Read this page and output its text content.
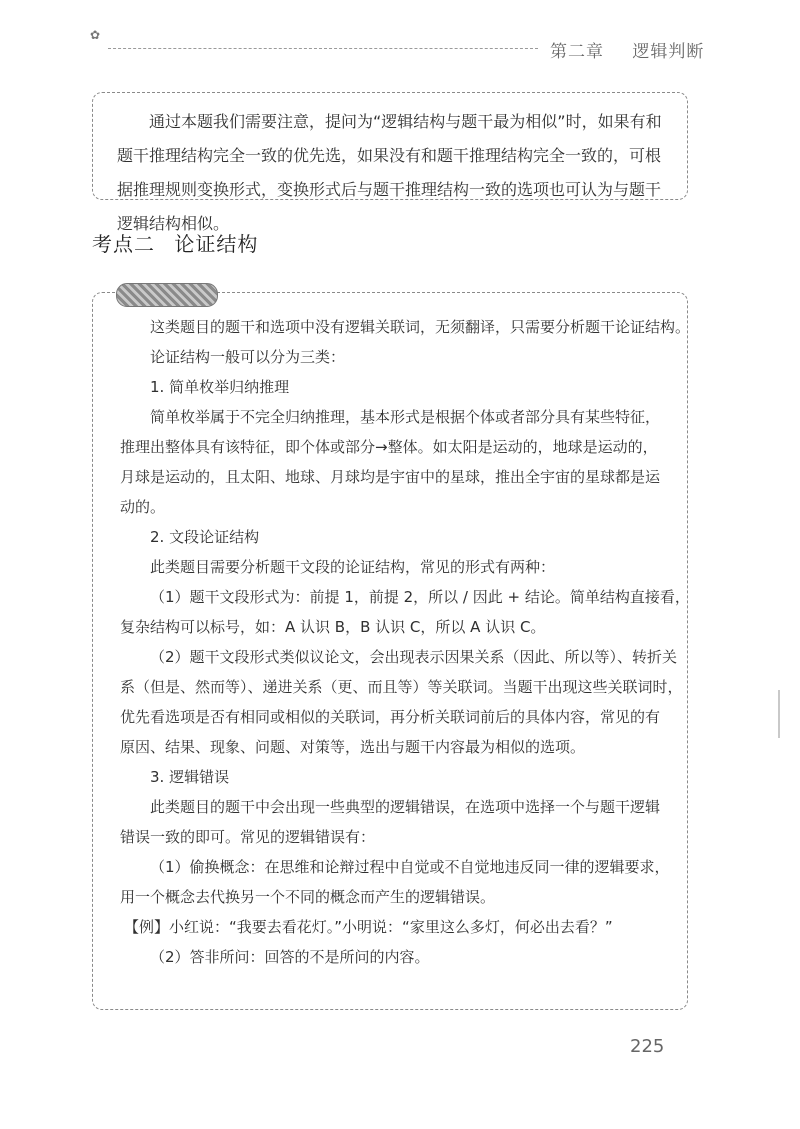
✿
第二章 逻辑判断

通过本题我们需要注意，提问为“逻辑结构与题干最为相似”时，如果有和题干推理结构完全一致的优先选，如果没有和题干推理结构完全一致的，可根据推理规则变换形式，变换形式后与题干推理结构一致的选项也可认为与题干逻辑结构相似。

考点二 论证结构

这类题目的题干和选项中没有逻辑关联词，无须翻译，只需要分析题干论证结构。

论证结构一般可以分为三类：

1. 简单枚举归纳推理

简单枚举属于不完全归纳推理，基本形式是根据个体或者部分具有某些特征，

推理出整体具有该特征，即个体或部分→整体。如太阳是运动的，地球是运动的，

月球是运动的，且太阳、地球、月球均是宇宙中的星球，推出全宇宙的星球都是运

动的。

2. 文段论证结构

此类题目需要分析题干文段的论证结构，常见的形式有两种：

（1）题干文段形式为：前提 1，前提 2，所以 / 因此 + 结论。简单结构直接看，

复杂结构可以标号，如：A 认识 B，B 认识 C，所以 A 认识 C。

（2）题干文段形式类似议论文，会出现表示因果关系（因此、所以等）、转折关

系（但是、然而等）、递进关系（更、而且等）等关联词。当题干出现这些关联词时，

优先看选项是否有相同或相似的关联词，再分析关联词前后的具体内容，常见的有

原因、结果、现象、问题、对策等，选出与题干内容最为相似的选项。

3. 逻辑错误

此类题目的题干中会出现一些典型的逻辑错误，在选项中选择一个与题干逻辑

错误一致的即可。常见的逻辑错误有：

（1）偷换概念：在思维和论辩过程中自觉或不自觉地违反同一律的逻辑要求，

用一个概念去代换另一个不同的概念而产生的逻辑错误。

【例】小红说：“我要去看花灯。”小明说：“家里这么多灯，何必出去看？”

（2）答非所问：回答的不是所问的内容。

225
